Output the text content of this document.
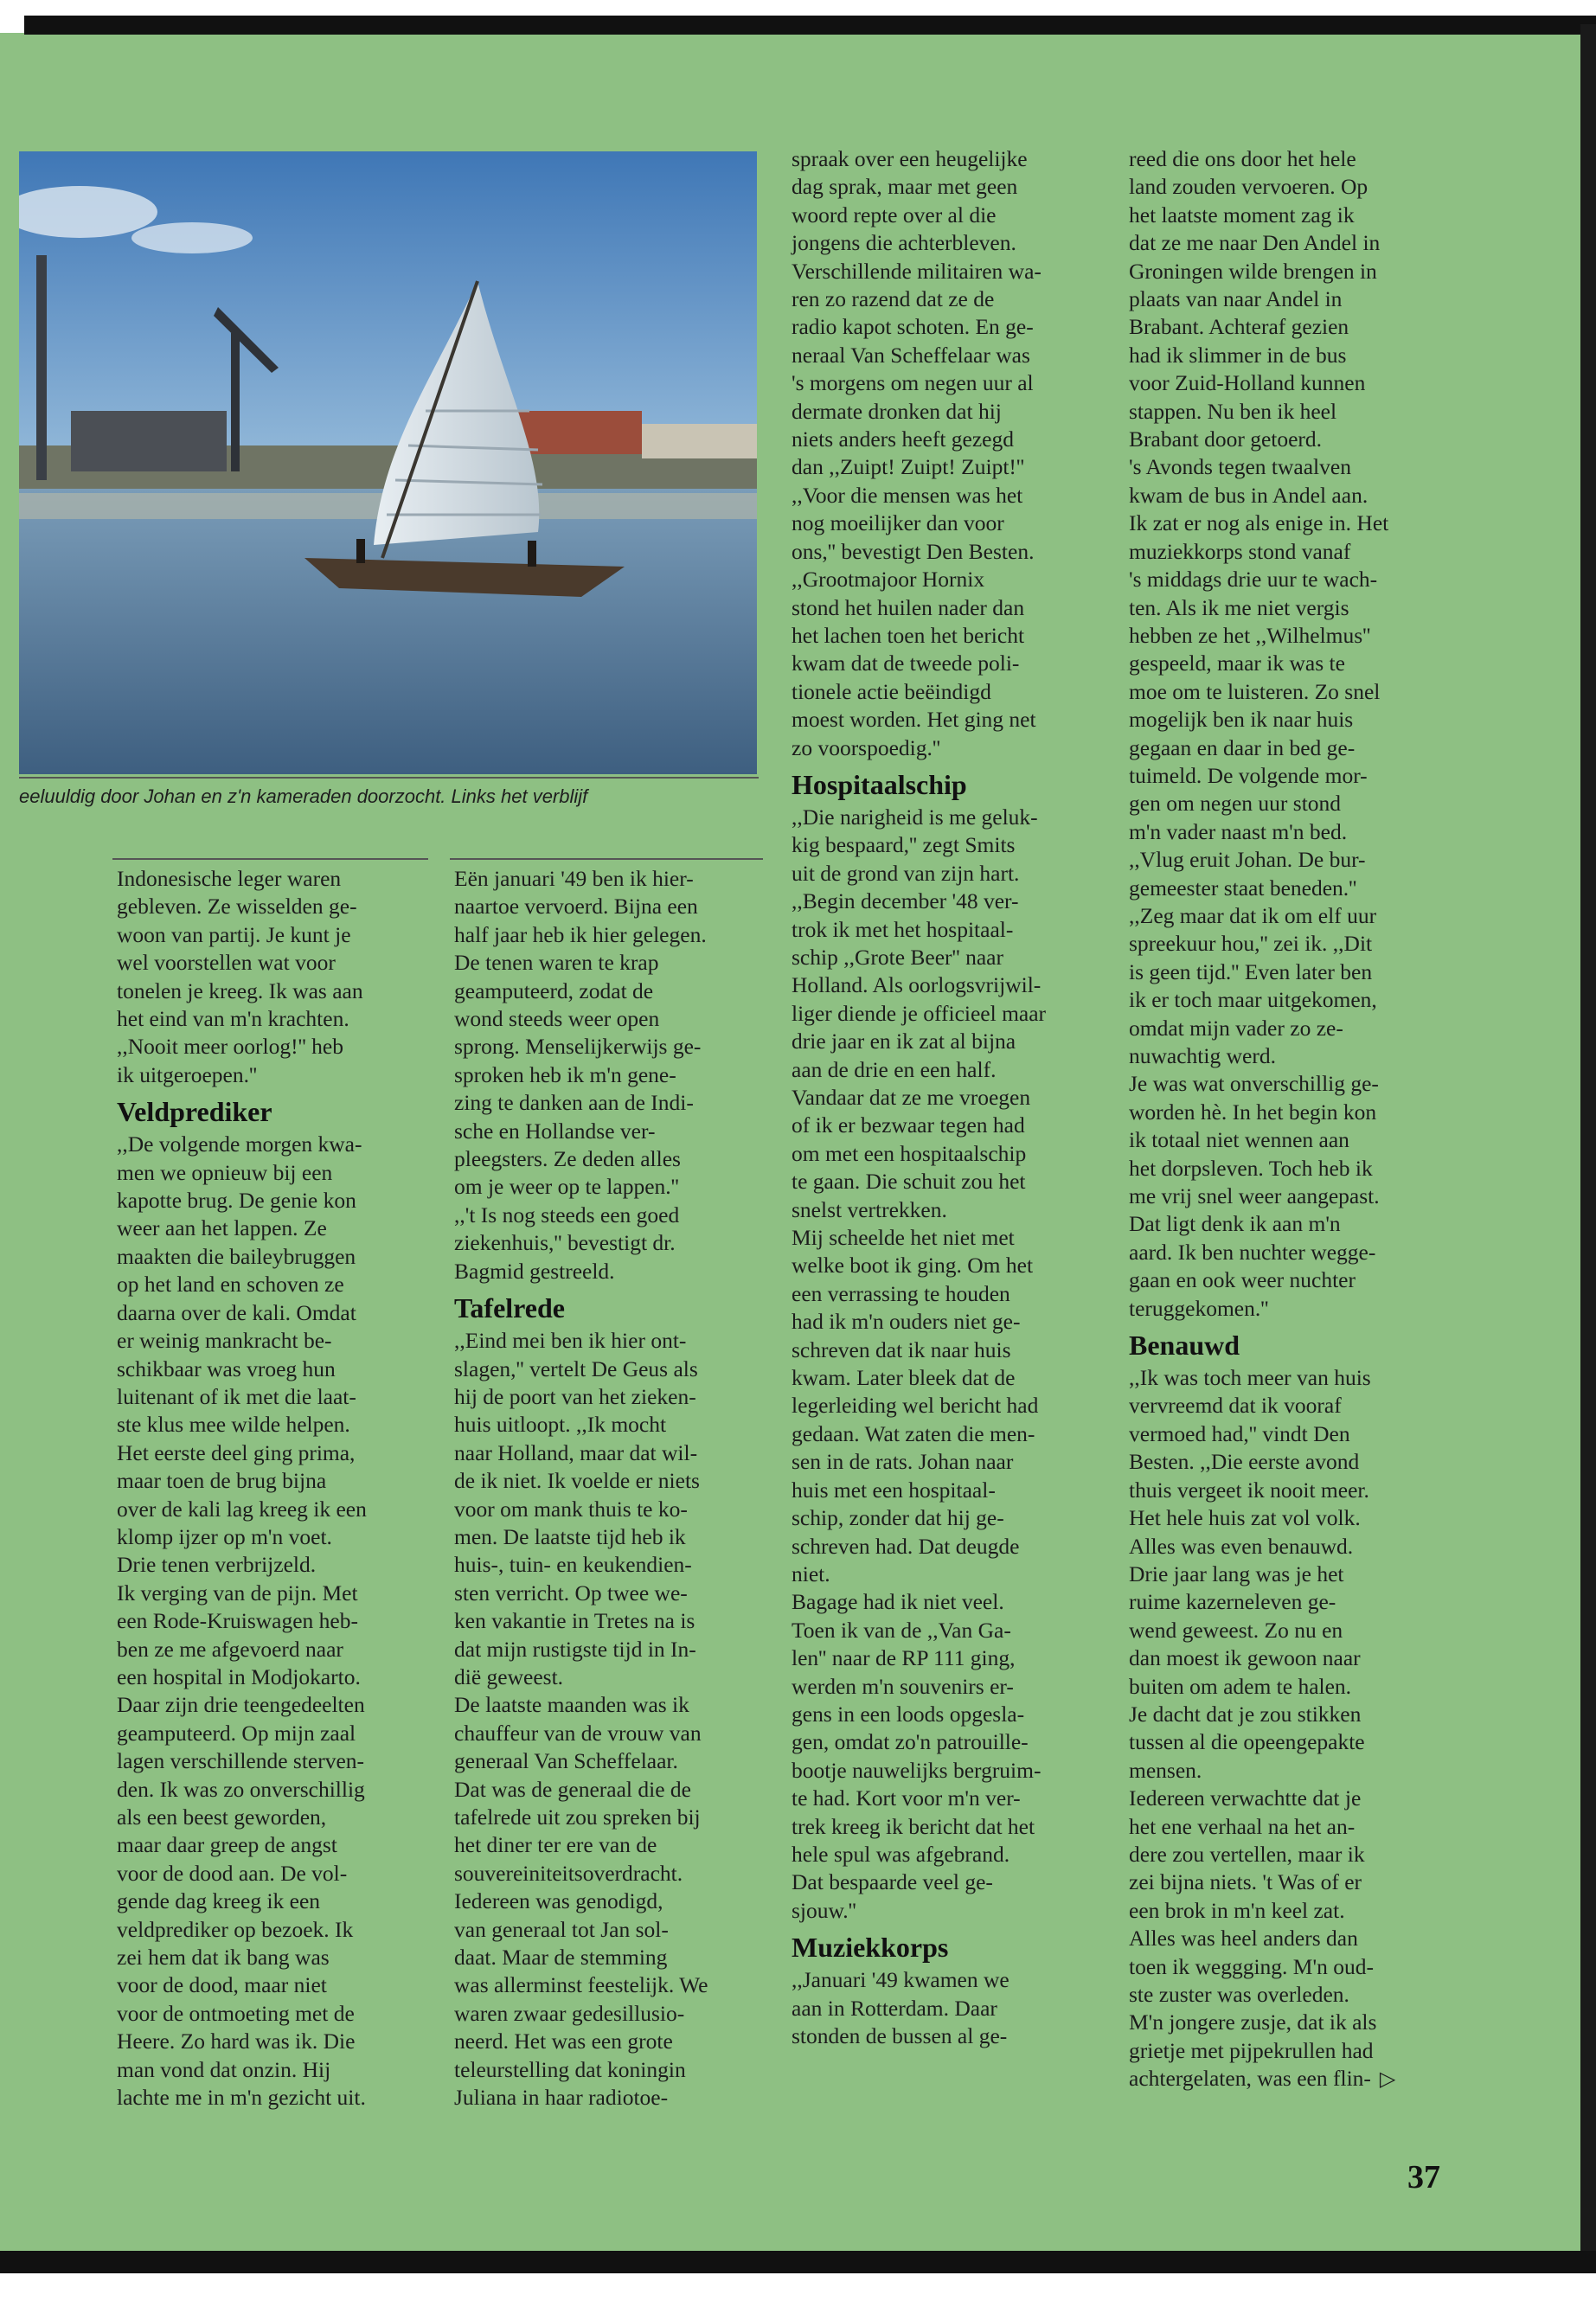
eeluuldig door Johan en z'n kameraden doorzocht. Links het verblijf

Indonesische leger waren

gebleven. Ze wisselden ge-

woon van partij. Je kunt je

wel voorstellen wat voor

tonelen je kreeg. Ik was aan

het eind van m'n krachten.

,,Nooit meer oorlog!'' heb

ik uitgeroepen.''

Veldprediker

,,De volgende morgen kwa-

men we opnieuw bij een

kapotte brug. De genie kon

weer aan het lappen. Ze

maakten die baileybruggen

op het land en schoven ze

daarna over de kali. Omdat

er weinig mankracht be-

schikbaar was vroeg hun

luitenant of ik met die laat-

ste klus mee wilde helpen.

Het eerste deel ging prima,

maar toen de brug bijna

over de kali lag kreeg ik een

klomp ijzer op m'n voet.

Drie tenen verbrijzeld.

Ik verging van de pijn. Met

een Rode-Kruiswagen heb-

ben ze me afgevoerd naar

een hospital in Modjokarto.

Daar zijn drie teengedeelten

geamputeerd. Op mijn zaal

lagen verschillende sterven-

den. Ik was zo onverschillig

als een beest geworden,

maar daar greep de angst

voor de dood aan. De vol-

gende dag kreeg ik een

veldprediker op bezoek. Ik

zei hem dat ik bang was

voor de dood, maar niet

voor de ontmoeting met de

Heere. Zo hard was ik. Die

man vond dat onzin. Hij

lachte me in m'n gezicht uit.

Eën januari '49 ben ik hier-

naartoe vervoerd. Bijna een

half jaar heb ik hier gelegen.

De tenen waren te krap

geamputeerd, zodat de

wond steeds weer open

sprong. Menselijkerwijs ge-

sproken heb ik m'n gene-

zing te danken aan de Indi-

sche en Hollandse ver-

pleegsters. Ze deden alles

om je weer op te lappen.''

,,'t Is nog steeds een goed

ziekenhuis,'' bevestigt dr.

Bagmid gestreeld.

Tafelrede

,,Eind mei ben ik hier ont-

slagen,'' vertelt De Geus als

hij de poort van het zieken-

huis uitloopt. ,,Ik mocht

naar Holland, maar dat wil-

de ik niet. Ik voelde er niets

voor om mank thuis te ko-

men. De laatste tijd heb ik

huis-, tuin- en keukendien-

sten verricht. Op twee we-

ken vakantie in Tretes na is

dat mijn rustigste tijd in In-

dië geweest.

De laatste maanden was ik

chauffeur van de vrouw van

generaal Van Scheffelaar.

Dat was de generaal die de

tafelrede uit zou spreken bij

het diner ter ere van de

souvereiniteitsoverdracht.

Iedereen was genodigd,

van generaal tot Jan sol-

daat. Maar de stemming

was allerminst feestelijk. We

waren zwaar gedesillusio-

neerd. Het was een grote

teleurstelling dat koningin

Juliana in haar radiotoe-

spraak over een heugelijke

dag sprak, maar met geen

woord repte over al die

jongens die achterbleven.

Verschillende militairen wa-

ren zo razend dat ze de

radio kapot schoten. En ge-

neraal Van Scheffelaar was

's morgens om negen uur al

dermate dronken dat hij

niets anders heeft gezegd

dan ,,Zuipt! Zuipt! Zuipt!''

,,Voor die mensen was het

nog moeilijker dan voor

ons,'' bevestigt Den Besten.

,,Grootmajoor Hornix

stond het huilen nader dan

het lachen toen het bericht

kwam dat de tweede poli-

tionele actie beëindigd

moest worden. Het ging net

zo voorspoedig.''

Hospitaalschip

,,Die narigheid is me geluk-

kig bespaard,'' zegt Smits

uit de grond van zijn hart.

,,Begin december '48 ver-

trok ik met het hospitaal-

schip ,,Grote Beer'' naar

Holland. Als oorlogsvrijwil-

liger diende je officieel maar

drie jaar en ik zat al bijna

aan de drie en een half.

Vandaar dat ze me vroegen

of ik er bezwaar tegen had

om met een hospitaalschip

te gaan. Die schuit zou het

snelst vertrekken.

Mij scheelde het niet met

welke boot ik ging. Om het

een verrassing te houden

had ik m'n ouders niet ge-

schreven dat ik naar huis

kwam. Later bleek dat de

legerleiding wel bericht had

gedaan. Wat zaten die men-

sen in de rats. Johan naar

huis met een hospitaal-

schip, zonder dat hij ge-

schreven had. Dat deugde

niet.

Bagage had ik niet veel.

Toen ik van de ,,Van Ga-

len'' naar de RP 111 ging,

werden m'n souvenirs er-

gens in een loods opgesla-

gen, omdat zo'n patrouille-

bootje nauwelijks bergruim-

te had. Kort voor m'n ver-

trek kreeg ik bericht dat het

hele spul was afgebrand.

Dat bespaarde veel ge-

sjouw.''

Muziekkorps

,,Januari '49 kwamen we

aan in Rotterdam. Daar

stonden de bussen al ge-

reed die ons door het hele

land zouden vervoeren. Op

het laatste moment zag ik

dat ze me naar Den Andel in

Groningen wilde brengen in

plaats van naar Andel in

Brabant. Achteraf gezien

had ik slimmer in de bus

voor Zuid-Holland kunnen

stappen. Nu ben ik heel

Brabant door getoerd.

's Avonds tegen twaalven

kwam de bus in Andel aan.

Ik zat er nog als enige in. Het

muziekkorps stond vanaf

's middags drie uur te wach-

ten. Als ik me niet vergis

hebben ze het ,,Wilhelmus''

gespeeld, maar ik was te

moe om te luisteren. Zo snel

mogelijk ben ik naar huis

gegaan en daar in bed ge-

tuimeld. De volgende mor-

gen om negen uur stond

m'n vader naast m'n bed.

,,Vlug eruit Johan. De bur-

gemeester staat beneden.''

,,Zeg maar dat ik om elf uur

spreekuur hou,'' zei ik. ,,Dit

is geen tijd.'' Even later ben

ik er toch maar uitgekomen,

omdat mijn vader zo ze-

nuwachtig werd.

Je was wat onverschillig ge-

worden hè. In het begin kon

ik totaal niet wennen aan

het dorpsleven. Toch heb ik

me vrij snel weer aangepast.

Dat ligt denk ik aan m'n

aard. Ik ben nuchter wegge-

gaan en ook weer nuchter

teruggekomen.''

Benauwd

,,Ik was toch meer van huis

vervreemd dat ik vooraf

vermoed had,'' vindt Den

Besten. ,,Die eerste avond

thuis vergeet ik nooit meer.

Het hele huis zat vol volk.

Alles was even benauwd.

Drie jaar lang was je het

ruime kazerneleven ge-

wend geweest. Zo nu en

dan moest ik gewoon naar

buiten om adem te halen.

Je dacht dat je zou stikken

tussen al die opeengepakte

mensen.

Iedereen verwachtte dat je

het ene verhaal na het an-

dere zou vertellen, maar ik

zei bijna niets. 't Was of er

een brok in m'n keel zat.

Alles was heel anders dan

toen ik weggging. M'n oud-

ste zuster was overleden.

M'n jongere zusje, dat ik als

grietje met pijpekrullen had

achtergelaten, was een flin- ▷

37
